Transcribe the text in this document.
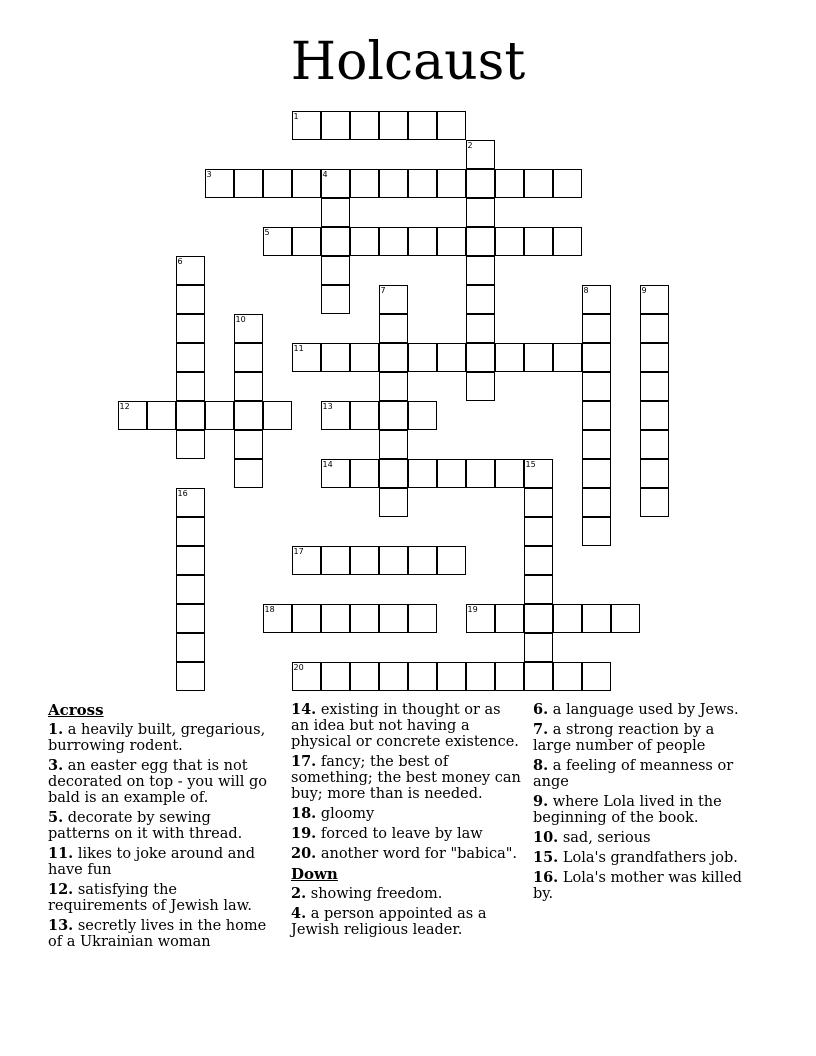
Holcaust
1
2
3	4
5
6
7	8	9
10
11
12	13
14	15
16
17
18	19
20
Across
1. a heavily built, gregarious, burrowing rodent.
3. an easter egg that is not decorated on top - you will go bald is an example of.
5. decorate by sewing patterns on it with thread.
11. likes to joke around and have fun
12. satisfying the requirements of Jewish law.
13. secretly lives in the home of a Ukrainian woman
14. existing in thought or as an idea but not having a physical or concrete existence.
17. fancy; the best of something; the best money can buy; more than is needed.
18. gloomy
19. forced to leave by law
20. another word for "babica".
Down
2. showing freedom.
4. a person appointed as a Jewish religious leader.
6. a language used by Jews.
7. a strong reaction by a large number of people
8. a feeling of meanness or ange
9. where Lola lived in the beginning of the book.
10. sad, serious
15. Lola's grandfathers job.
16. Lola's mother was killed by.
